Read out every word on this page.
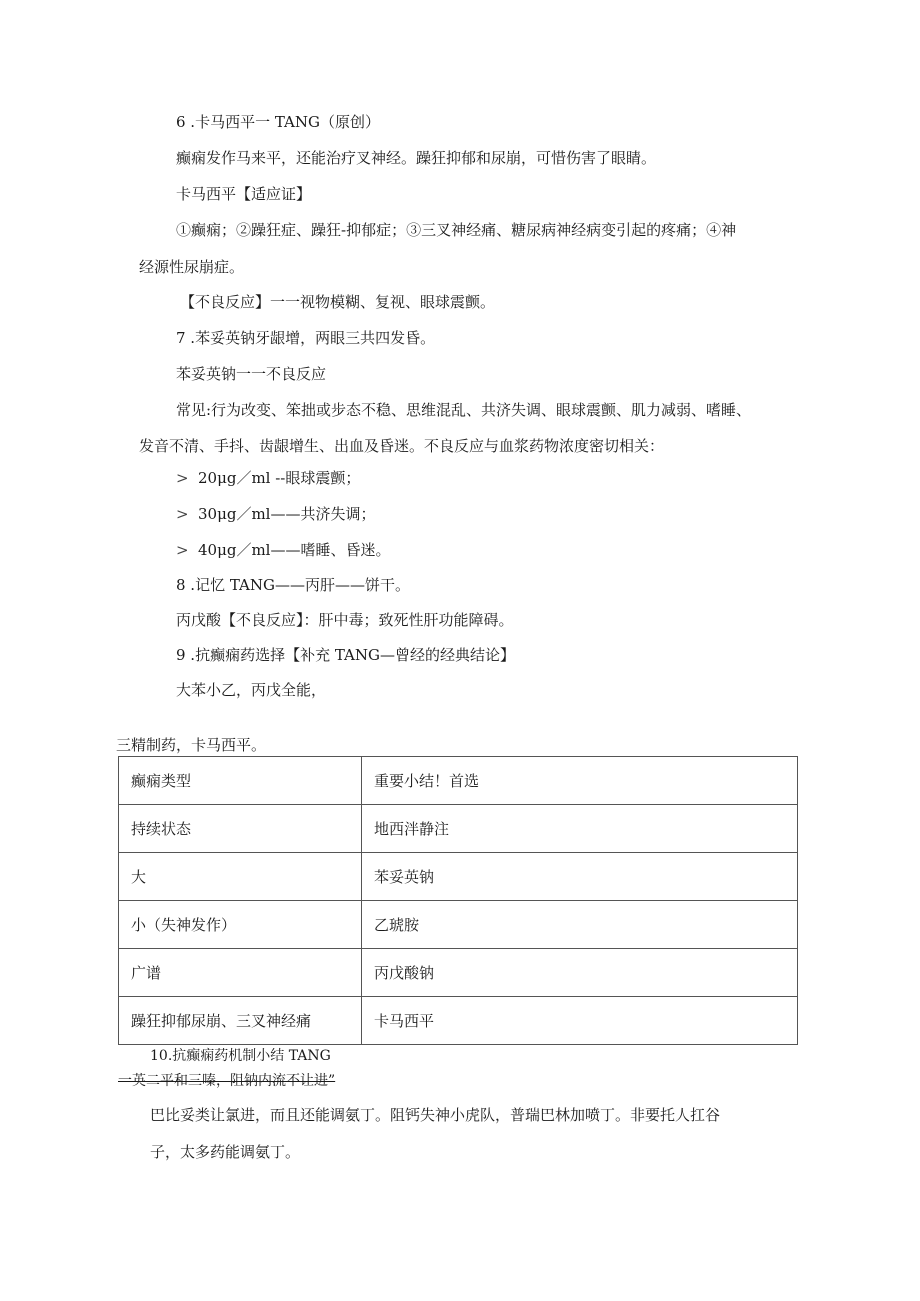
6 .卡马西平一 TANG（原创）
癫痫发作马来平，还能治疗叉神经。躁狂抑郁和尿崩，可惜伤害了眼睛。
卡马西平【适应证】
①癫痫；②躁狂症、躁狂-抑郁症；③三叉神经痛、糖尿病神经病变引起的疼痛；④神
经源性尿崩症。
【不良反应】一一视物模糊、复视、眼球震颤。
7 .苯妥英钠牙龈增，两眼三共四发昏。
苯妥英钠一一不良反应
常见:行为改变、笨拙或步态不稳、思维混乱、共济失调、眼球震颤、肌力减弱、嗜睡、
发音不清、手抖、齿龈增生、出血及昏迷。不良反应与血浆药物浓度密切相关：
> 20μg／ml --眼球震颤；
> 30μg／ml——共济失调；
> 40μg／ml——嗜睡、昏迷。
8 .记忆 TANG——丙肝——饼干。
丙戊酸【不良反应】：肝中毒；致死性肝功能障碍。
9 .抗癫痫药选择【补充 TANG—曾经的经典结论】
大苯小乙，丙戊全能，
三精制药，卡马西平。
癫痫类型	重要小结！首选
持续状态	地西泮静注
大	苯妥英钠
小（失神发作）	乙琥胺
广谱	丙戊酸钠
躁狂抑郁尿崩、三叉神经痛	卡马西平
10.抗癫痫药机制小结 TANG
一英二平和三嗪，阻钠内流不让进”
巴比妥类让氯进，而且还能调氨丁。阻钙失神小虎队，普瑞巴林加喷丁。非要托人扛谷
子，太多药能调氨丁。
